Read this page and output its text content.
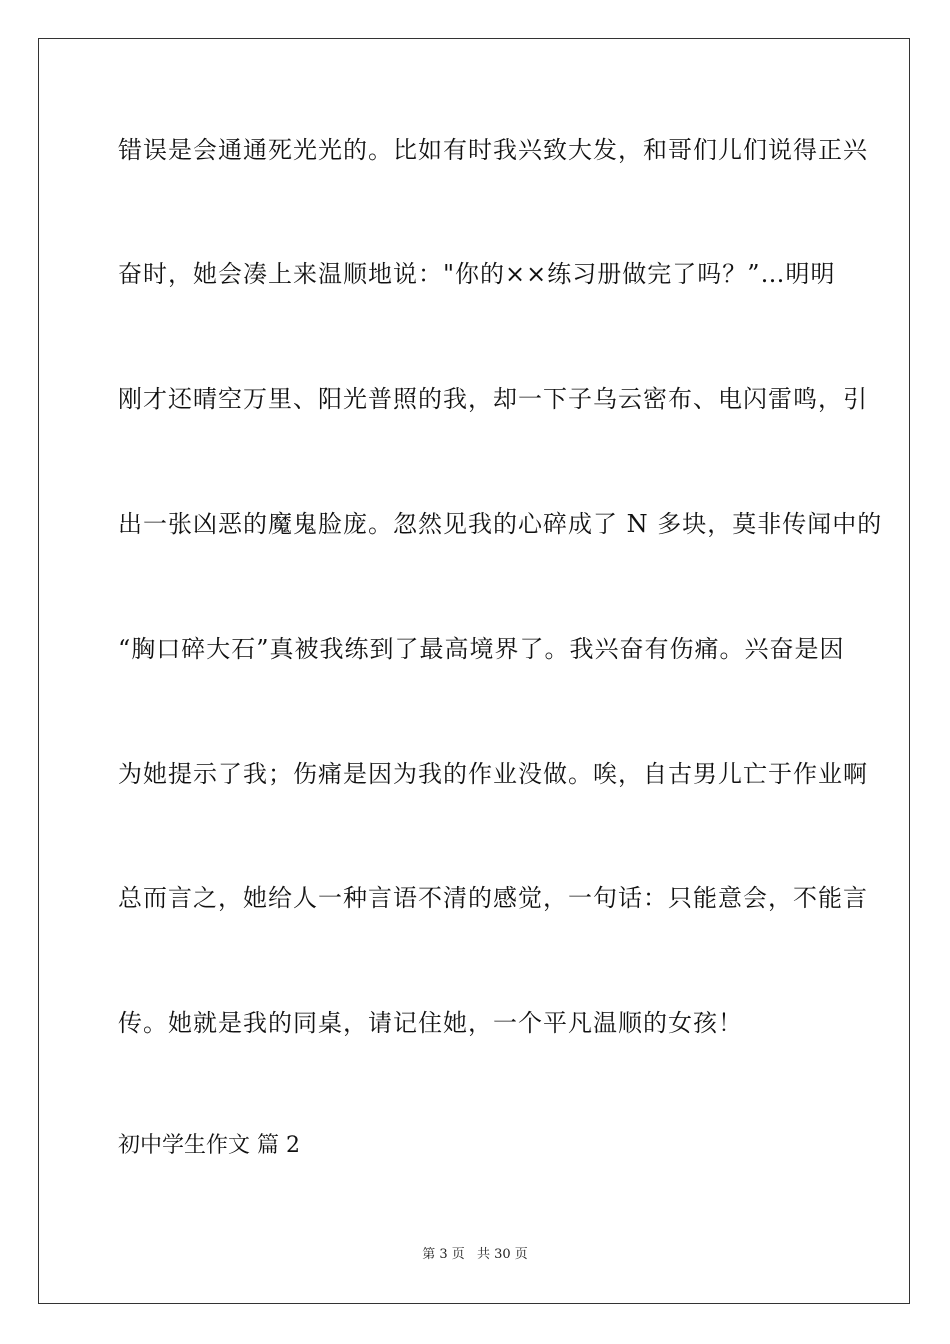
错误是会通通死光光的。比如有时我兴致大发，和哥们儿们说得正兴
奋时，她会凑上来温顺地说："你的××练习册做完了吗？”…明明
刚才还晴空万里、阳光普照的我，却一下子乌云密布、电闪雷鸣，引
出一张凶恶的魔鬼脸庞。忽然见我的心碎成了 N 多块，莫非传闻中的
“胸口碎大石”真被我练到了最高境界了。我兴奋有伤痛。兴奋是因
为她提示了我；伤痛是因为我的作业没做。唉，自古男儿亡于作业啊
总而言之，她给人一种言语不清的感觉，一句话：只能意会，不能言
传。她就是我的同桌，请记住她，一个平凡温顺的女孩！
初中学生作文 篇 2
第 3 页 共 30 页
